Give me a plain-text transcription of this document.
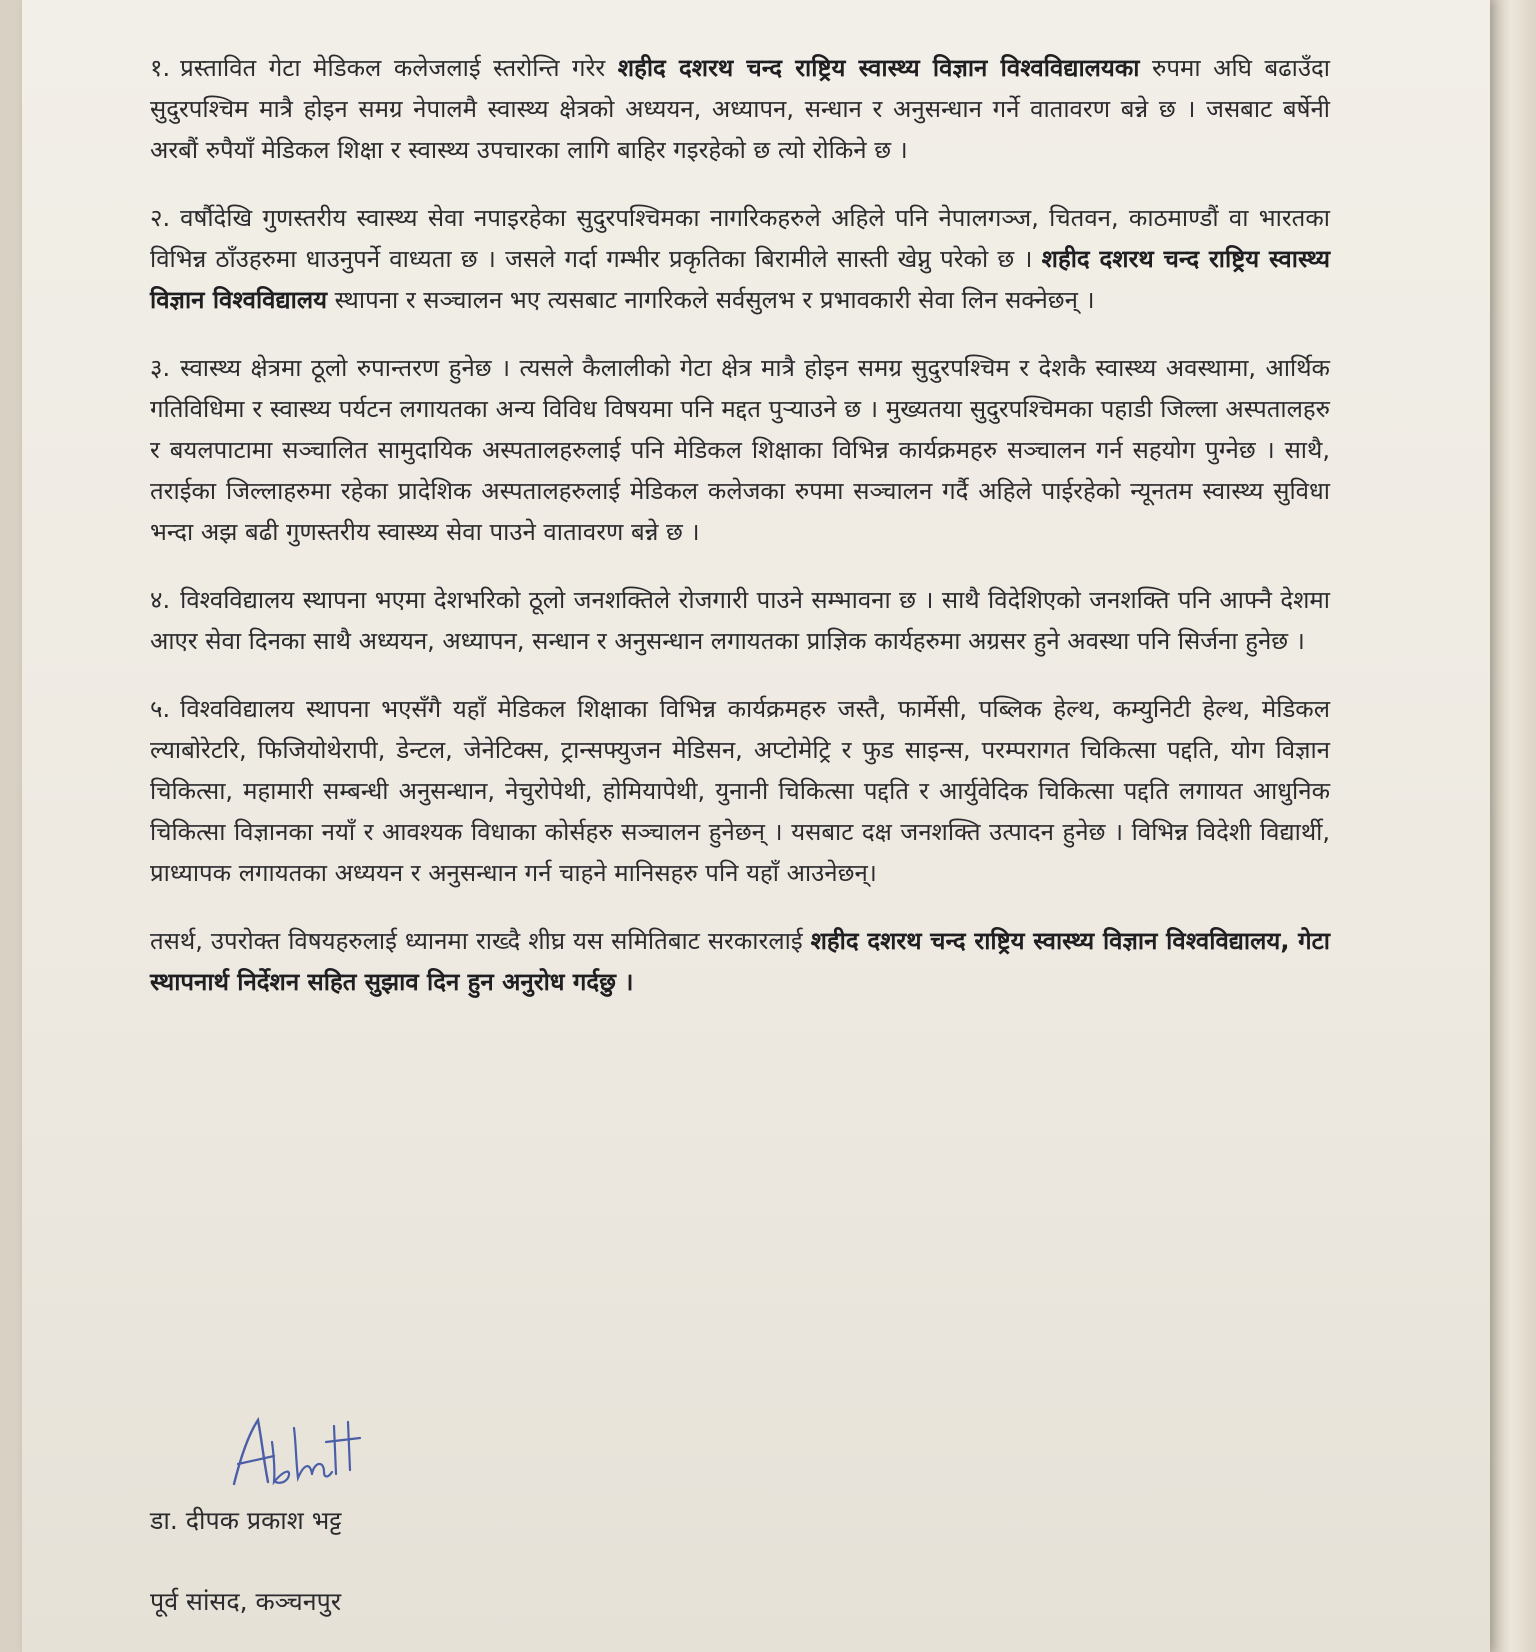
१. प्रस्तावित गेटा मेडिकल कलेजलाई स्तरोन्ति गरेर शहीद दशरथ चन्द राष्ट्रिय स्वास्थ्य विज्ञान विश्वविद्यालयका रुपमा अघि बढाउँदा सुदुरपश्चिम मात्रै होइन समग्र नेपालमै स्वास्थ्य क्षेत्रको अध्ययन, अध्यापन, सन्धान र अनुसन्धान गर्ने वातावरण बन्ने छ । जसबाट बर्षेनी अरबौं रुपैयाँ मेडिकल शिक्षा र स्वास्थ्य उपचारका लागि बाहिर गइरहेको छ त्यो रोकिने छ ।

२. वर्षौदेखि गुणस्तरीय स्वास्थ्य सेवा नपाइरहेका सुदुरपश्चिमका नागरिकहरुले अहिले पनि नेपालगञ्ज, चितवन, काठमाण्डौं वा भारतका विभिन्न ठाँउहरुमा धाउनुपर्ने वाध्यता छ । जसले गर्दा गम्भीर प्रकृतिका बिरामीले सास्ती खेप्नु परेको छ । शहीद दशरथ चन्द राष्ट्रिय स्वास्थ्य विज्ञान विश्वविद्यालय स्थापना र सञ्चालन भए त्यसबाट नागरिकले सर्वसुलभ र प्रभावकारी सेवा लिन सक्नेछन् ।

३. स्वास्थ्य क्षेत्रमा ठूलो रुपान्तरण हुनेछ । त्यसले कैलालीको गेटा क्षेत्र मात्रै होइन समग्र सुदुरपश्चिम र देशकै स्वास्थ्य अवस्थामा, आर्थिक गतिविधिमा र स्वास्थ्य पर्यटन लगायतका अन्य विविध विषयमा पनि मद्दत पुऱ्याउने छ । मुख्यतया सुदुरपश्चिमका पहाडी जिल्ला अस्पतालहरु र बयलपाटामा सञ्चालित सामुदायिक अस्पतालहरुलाई पनि मेडिकल शिक्षाका विभिन्न कार्यक्रमहरु सञ्चालन गर्न सहयोग पुग्नेछ । साथै, तराईका जिल्लाहरुमा रहेका प्रादेशिक अस्पतालहरुलाई मेडिकल कलेजका रुपमा सञ्चालन गर्दै अहिले पाईरहेको न्यूनतम स्वास्थ्य सुविधा भन्दा अझ बढी गुणस्तरीय स्वास्थ्य सेवा पाउने वातावरण बन्ने छ ।

४. विश्वविद्यालय स्थापना भएमा देशभरिको ठूलो जनशक्तिले रोजगारी पाउने सम्भावना छ । साथै विदेशिएको जनशक्ति पनि आफ्नै देशमा आएर सेवा दिनका साथै अध्ययन, अध्यापन, सन्धान र अनुसन्धान लगायतका प्राज्ञिक कार्यहरुमा अग्रसर हुने अवस्था पनि सिर्जना हुनेछ ।

५. विश्वविद्यालय स्थापना भएसँगै यहाँ मेडिकल शिक्षाका विभिन्न कार्यक्रमहरु जस्तै, फार्मेसी, पब्लिक हेल्थ, कम्युनिटी हेल्थ, मेडिकल ल्याबोरेटरि, फिजियोथेरापी, डेन्टल, जेनेटिक्स, ट्रान्सफ्युजन मेडिसन, अप्टोमेट्रि र फुड साइन्स, परम्परागत चिकित्सा पद्दति, योग विज्ञान चिकित्सा, महामारी सम्बन्धी अनुसन्धान, नेचुरोपेथी, होमियापेथी, युनानी चिकित्सा पद्दति र आर्युवेदिक चिकित्सा पद्दति लगायत आधुनिक चिकित्सा विज्ञानका नयाँ र आवश्यक विधाका कोर्सहरु सञ्चालन हुनेछन् । यसबाट दक्ष जनशक्ति उत्पादन हुनेछ । विभिन्न विदेशी विद्यार्थी, प्राध्यापक लगायतका अध्ययन र अनुसन्धान गर्न चाहने मानिसहरु पनि यहाँ आउनेछन्।

तसर्थ, उपरोक्त विषयहरुलाई ध्यानमा राख्दै शीघ्र यस समितिबाट सरकारलाई शहीद दशरथ चन्द राष्ट्रिय स्वास्थ्य विज्ञान विश्वविद्यालय, गेटा स्थापनार्थ निर्देशन सहित सुझाव दिन हुन अनुरोध गर्दछु ।

डा. दीपक प्रकाश भट्ट
पूर्व सांसद, कञ्चनपुर
